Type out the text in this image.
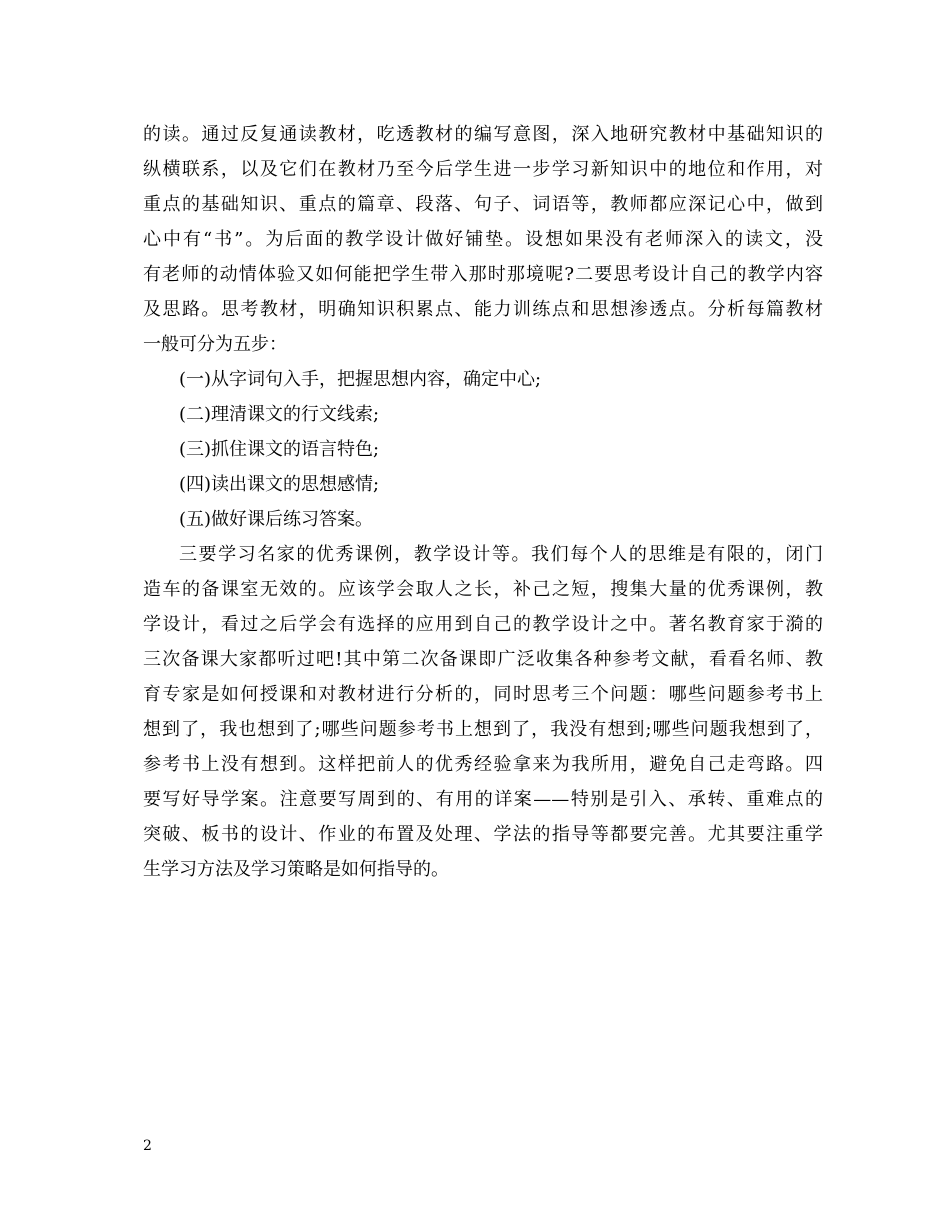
的读。通过反复通读教材，吃透教材的编写意图，深入地研究教材中基础知识的

纵横联系，以及它们在教材乃至今后学生进一步学习新知识中的地位和作用，对

重点的基础知识、重点的篇章、段落、句子、词语等，教师都应深记心中，做到

心中有“书”。为后面的教学设计做好铺垫。设想如果没有老师深入的读文，没

有老师的动情体验又如何能把学生带入那时那境呢?二要思考设计自己的教学内容

及思路。思考教材，明确知识积累点、能力训练点和思想渗透点。分析每篇教材

一般可分为五步：

(一)从字词句入手，把握思想内容，确定中心;

(二)理清课文的行文线索;

(三)抓住课文的语言特色;

(四)读出课文的思想感情;

(五)做好课后练习答案。

三要学习名家的优秀课例，教学设计等。我们每个人的思维是有限的，闭门

造车的备课室无效的。应该学会取人之长，补己之短，搜集大量的优秀课例，教

学设计，看过之后学会有选择的应用到自己的教学设计之中。著名教育家于漪的

三次备课大家都听过吧!其中第二次备课即广泛收集各种参考文献，看看名师、教

育专家是如何授课和对教材进行分析的，同时思考三个问题：哪些问题参考书上

想到了，我也想到了;哪些问题参考书上想到了，我没有想到;哪些问题我想到了，

参考书上没有想到。这样把前人的优秀经验拿来为我所用，避免自己走弯路。四

要写好导学案。注意要写周到的、有用的详案——特别是引入、承转、重难点的

突破、板书的设计、作业的布置及处理、学法的指导等都要完善。尤其要注重学

生学习方法及学习策略是如何指导的。

2
